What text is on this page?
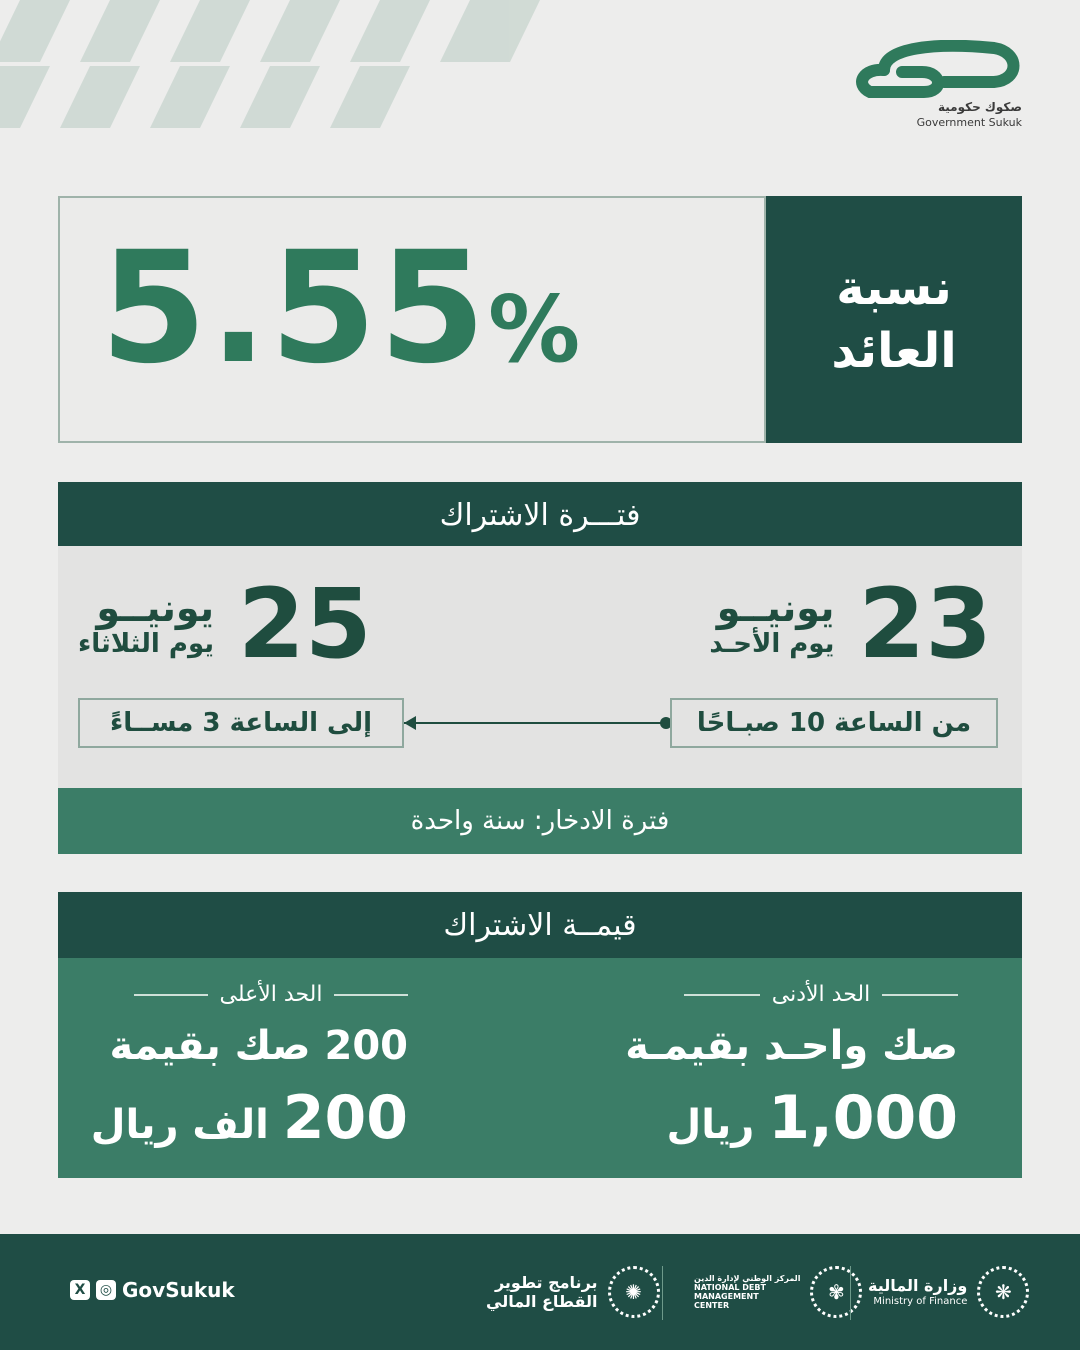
صكوك حكومية
Government Sukuk
5.55%	نسبة العائد
فتـــرة الاشتراك
يونيــو
يوم الأحـد 23
يونيــو
يوم الثلاثاء 25
إلى الساعة 3 مســاءً	من الساعة 10 صبـاحًا
فترة الادخار: سنة واحدة
قيمــة الاشتراك
الحد الأدنى
صك واحـد بقيمـة
1,000 ريال
الحد الأعلى
200 صك بقيمة
200 الف ريال
X	◎ GovSukuk	برنامج تطوير
القطاع المالي	✺
المركز الوطني لإدارة الدين
NATIONAL DEBT
MANAGEMENT
CENTER
✾	وزارة المالية
Ministry of Finance	❋
